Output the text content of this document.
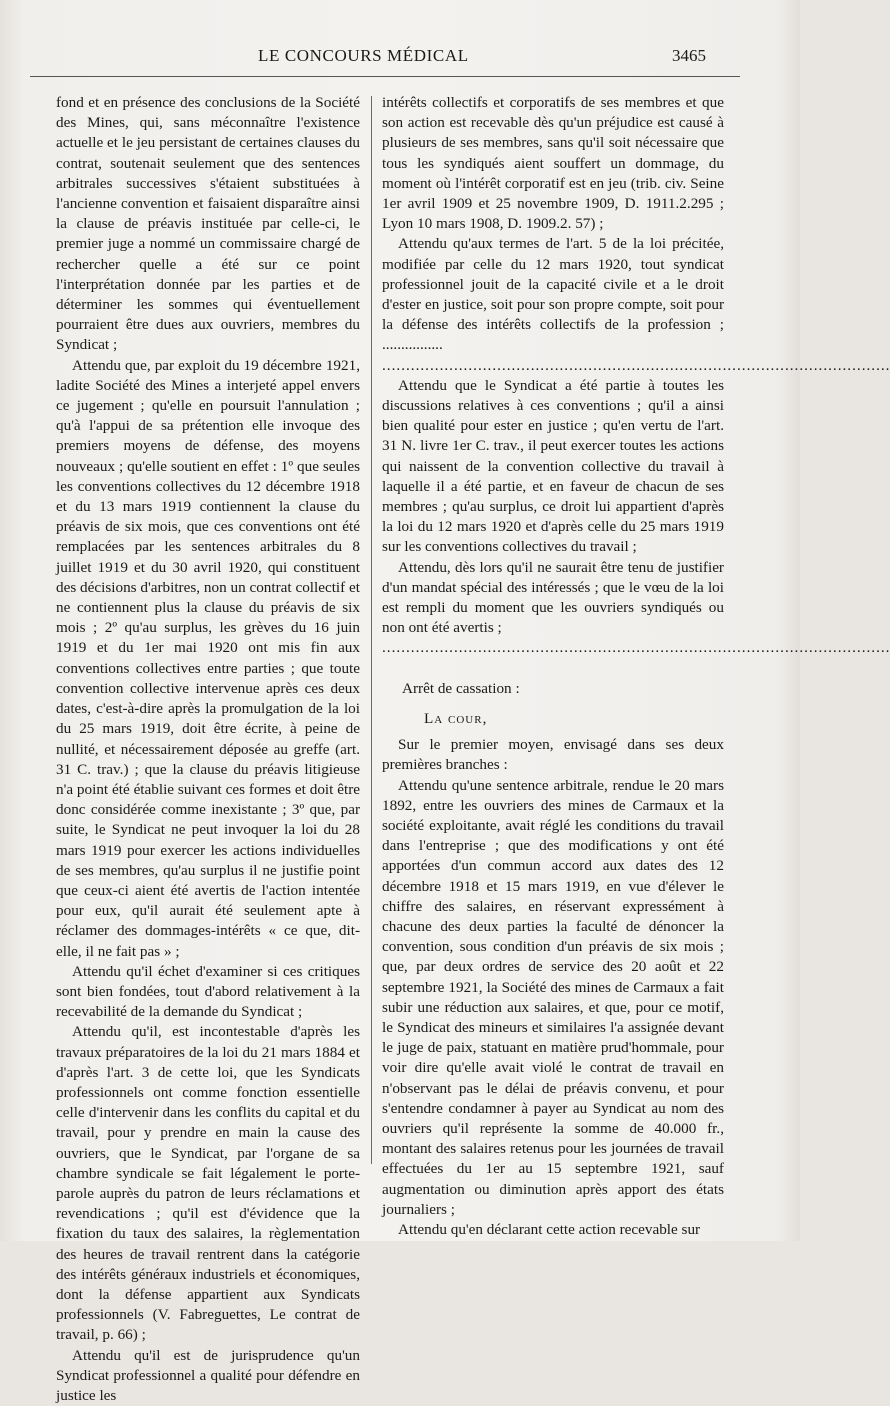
LE CONCOURS MÉDICAL	3465

fond et en présence des conclusions de la Société des Mines, qui, sans méconnaître l'existence actuelle et le jeu persistant de certaines clauses du contrat, soutenait seulement que des sentences arbitrales successives s'étaient substituées à l'ancienne convention et faisaient disparaître ainsi la clause de préavis instituée par celle-ci, le premier juge a nommé un commissaire chargé de rechercher quelle a été sur ce point l'interprétation donnée par les parties et de déterminer les sommes qui éventuellement pourraient être dues aux ouvriers, membres du Syndicat ;

Attendu que, par exploit du 19 décembre 1921, ladite Société des Mines a interjeté appel envers ce jugement ; qu'elle en poursuit l'annulation ; qu'à l'appui de sa prétention elle invoque des premiers moyens de défense, des moyens nouveaux ; qu'elle soutient en effet : 1º que seules les conventions collectives du 12 décembre 1918 et du 13 mars 1919 contiennent la clause du préavis de six mois, que ces conventions ont été remplacées par les sentences arbitrales du 8 juillet 1919 et du 30 avril 1920, qui constituent des décisions d'arbitres, non un contrat collectif et ne contiennent plus la clause du préavis de six mois ; 2º qu'au surplus, les grèves du 16 juin 1919 et du 1er mai 1920 ont mis fin aux conventions collectives entre parties ; que toute convention collective intervenue après ces deux dates, c'est-à-dire après la promulgation de la loi du 25 mars 1919, doit être écrite, à peine de nullité, et nécessairement déposée au greffe (art. 31 C. trav.) ; que la clause du préavis litigieuse n'a point été établie suivant ces formes et doit être donc considérée comme inexistante ; 3º que, par suite, le Syndicat ne peut invoquer la loi du 28 mars 1919 pour exercer les actions individuelles de ses membres, qu'au surplus il ne justifie point que ceux-ci aient été avertis de l'action intentée pour eux, qu'il aurait été seulement apte à réclamer des dommages-intérêts « ce que, dit-elle, il ne fait pas » ;

Attendu qu'il échet d'examiner si ces critiques sont bien fondées, tout d'abord relativement à la recevabilité de la demande du Syndicat ;

Attendu qu'il, est incontestable d'après les travaux préparatoires de la loi du 21 mars 1884 et d'après l'art. 3 de cette loi, que les Syndicats professionnels ont comme fonction essentielle celle d'intervenir dans les conflits du capital et du travail, pour y prendre en main la cause des ouvriers, que le Syndicat, par l'organe de sa chambre syndicale se fait légalement le porte-parole auprès du patron de leurs réclamations et revendications ; qu'il est d'évidence que la fixation du taux des salaires, la règlementation des heures de travail rentrent dans la catégorie des intérêts généraux industriels et économiques, dont la défense appartient aux Syndicats professionnels (V. Fabreguettes, Le contrat de travail, p. 66) ;

Attendu qu'il est de jurisprudence qu'un Syndicat professionnel a qualité pour défendre en justice les

intérêts collectifs et corporatifs de ses membres et que son action est recevable dès qu'un préjudice est causé à plusieurs de ses membres, sans qu'il soit nécessaire que tous les syndiqués aient souffert un dommage, du moment où l'intérêt corporatif est en jeu (trib. civ. Seine 1er avril 1909 et 25 novembre 1909, D. 1911.2.295 ; Lyon 10 mars 1908, D. 1909.2. 57) ;

Attendu qu'aux termes de l'art. 5 de la loi précitée, modifiée par celle du 12 mars 1920, tout syndicat professionnel jouit de la capacité civile et a le droit d'ester en justice, soit pour son propre compte, soit pour la défense des intérêts collectifs de la profession ; ................

..........................................................................................................

Attendu que le Syndicat a été partie à toutes les discussions relatives à ces conventions ; qu'il a ainsi bien qualité pour ester en justice ; qu'en vertu de l'art. 31 N. livre 1er C. trav., il peut exercer toutes les actions qui naissent de la convention collective du travail à laquelle il a été partie, et en faveur de chacun de ses membres ; qu'au surplus, ce droit lui appartient d'après la loi du 12 mars 1920 et d'après celle du 25 mars 1919 sur les conventions collectives du travail ;

Attendu, dès lors qu'il ne saurait être tenu de justifier d'un mandat spécial des intéressés ; que le vœu de la loi est rempli du moment que les ouvriers syndiqués ou non ont été avertis ;

..........................................................................................................

Arrêt de cassation :

La cour,

Sur le premier moyen, envisagé dans ses deux premières branches :

Attendu qu'une sentence arbitrale, rendue le 20 mars 1892, entre les ouvriers des mines de Carmaux et la société exploitante, avait réglé les conditions du travail dans l'entreprise ; que des modifications y ont été apportées d'un commun accord aux dates des 12 décembre 1918 et 15 mars 1919, en vue d'élever le chiffre des salaires, en réservant expressément à chacune des deux parties la faculté de dénoncer la convention, sous condition d'un préavis de six mois ; que, par deux ordres de service des 20 août et 22 septembre 1921, la Société des mines de Carmaux a fait subir une réduction aux salaires, et que, pour ce motif, le Syndicat des mineurs et similaires l'a assignée devant le juge de paix, statuant en matière prud'hommale, pour voir dire qu'elle avait violé le contrat de travail en n'observant pas le délai de préavis convenu, et pour s'entendre condamner à payer au Syndicat au nom des ouvriers qu'il représente la somme de 40.000 fr., montant des salaires retenus pour les journées de travail effectuées du 1er au 15 septembre 1921, sauf augmentation ou diminution après apport des états journaliers ;

Attendu qu'en déclarant cette action recevable sur
